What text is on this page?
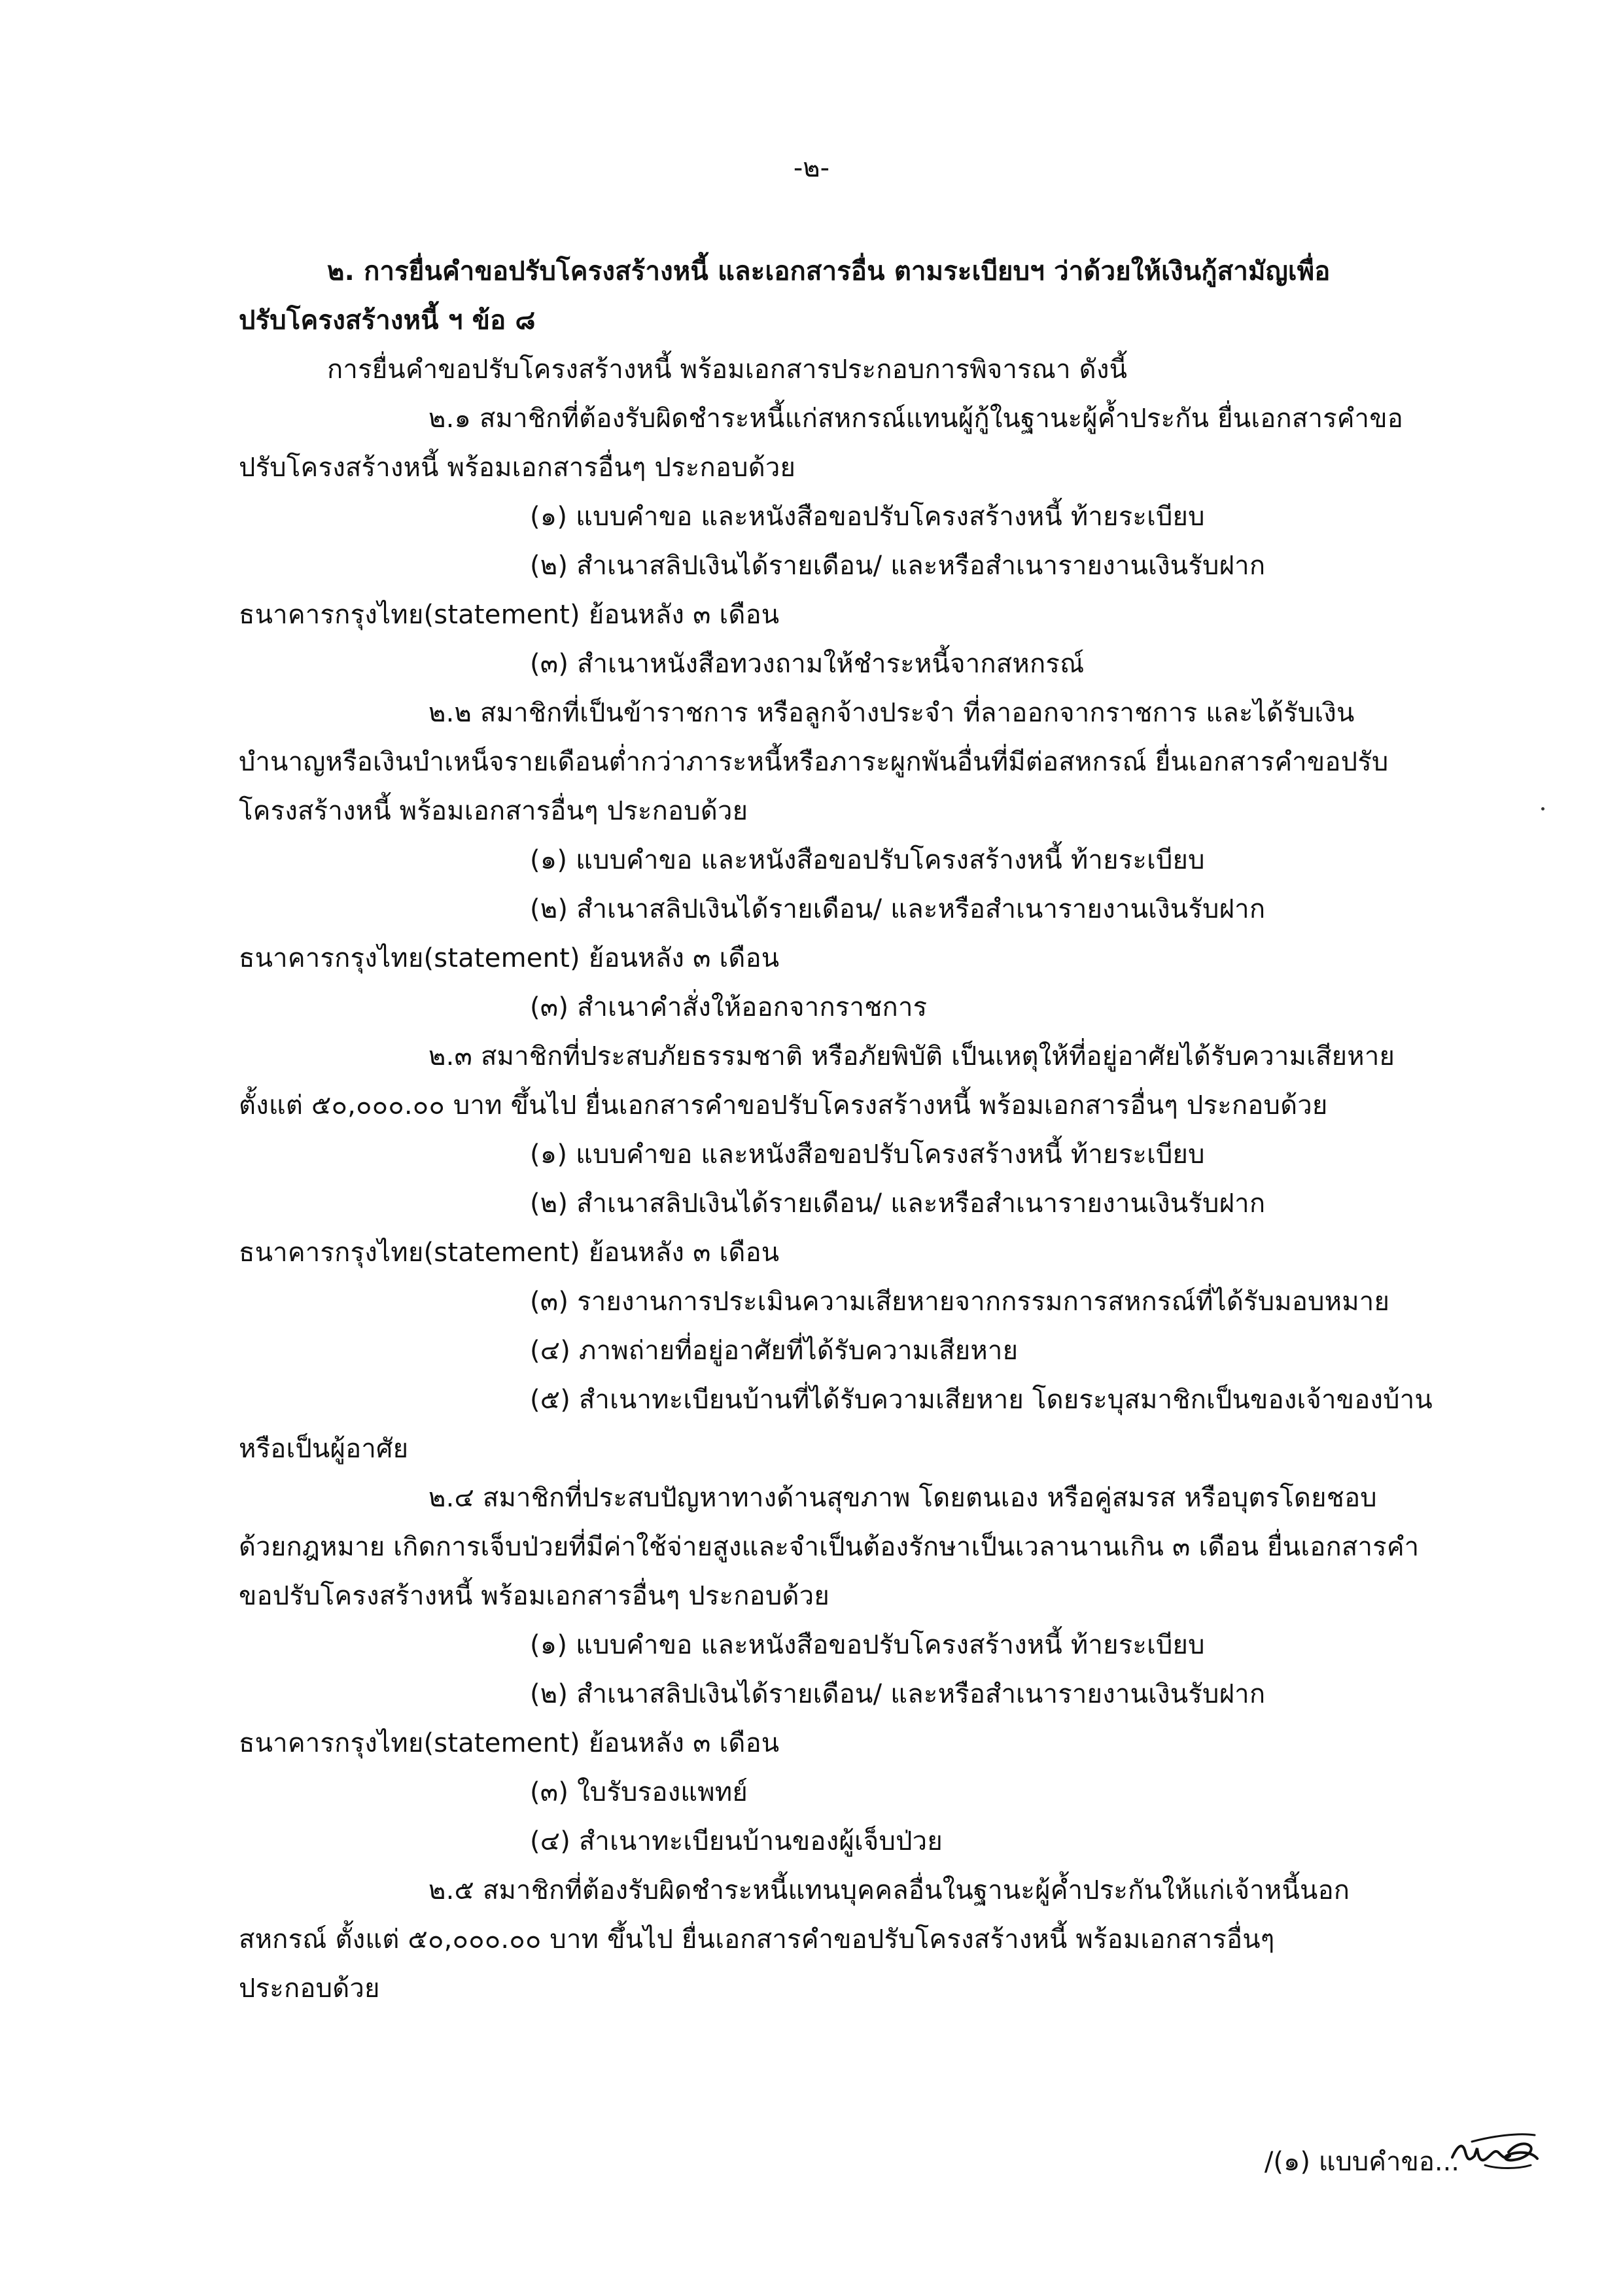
-๒-
๒. การยื่นคำขอปรับโครงสร้างหนี้ และเอกสารอื่น ตามระเบียบฯ ว่าด้วยให้เงินกู้สามัญเพื่อ
ปรับโครงสร้างหนี้ ฯ ข้อ ๘
การยื่นคำขอปรับโครงสร้างหนี้ พร้อมเอกสารประกอบการพิจารณา ดังนี้
๒.๑ สมาชิกที่ต้องรับผิดชำระหนี้แก่สหกรณ์แทนผู้กู้ในฐานะผู้ค้ำประกัน ยื่นเอกสารคำขอ
ปรับโครงสร้างหนี้ พร้อมเอกสารอื่นๆ ประกอบด้วย
(๑) แบบคำขอ และหนังสือขอปรับโครงสร้างหนี้ ท้ายระเบียบ
(๒) สำเนาสลิปเงินได้รายเดือน/ และหรือสำเนารายงานเงินรับฝาก
ธนาคารกรุงไทย(statement) ย้อนหลัง ๓ เดือน
(๓) สำเนาหนังสือทวงถามให้ชำระหนี้จากสหกรณ์
๒.๒ สมาชิกที่เป็นข้าราชการ หรือลูกจ้างประจำ ที่ลาออกจากราชการ และได้รับเงิน
บำนาญหรือเงินบำเหน็จรายเดือนต่ำกว่าภาระหนี้หรือภาระผูกพันอื่นที่มีต่อสหกรณ์ ยื่นเอกสารคำขอปรับ
โครงสร้างหนี้ พร้อมเอกสารอื่นๆ ประกอบด้วย
(๑) แบบคำขอ และหนังสือขอปรับโครงสร้างหนี้ ท้ายระเบียบ
(๒) สำเนาสลิปเงินได้รายเดือน/ และหรือสำเนารายงานเงินรับฝาก
ธนาคารกรุงไทย(statement) ย้อนหลัง ๓ เดือน
(๓) สำเนาคำสั่งให้ออกจากราชการ
๒.๓ สมาชิกที่ประสบภัยธรรมชาติ หรือภัยพิบัติ เป็นเหตุให้ที่อยู่อาศัยได้รับความเสียหาย
ตั้งแต่ ๕๐,๐๐๐.๐๐ บาท ขึ้นไป ยื่นเอกสารคำขอปรับโครงสร้างหนี้ พร้อมเอกสารอื่นๆ ประกอบด้วย
(๑) แบบคำขอ และหนังสือขอปรับโครงสร้างหนี้ ท้ายระเบียบ
(๒) สำเนาสลิปเงินได้รายเดือน/ และหรือสำเนารายงานเงินรับฝาก
ธนาคารกรุงไทย(statement) ย้อนหลัง ๓ เดือน
(๓) รายงานการประเมินความเสียหายจากกรรมการสหกรณ์ที่ได้รับมอบหมาย
(๔) ภาพถ่ายที่อยู่อาศัยที่ได้รับความเสียหาย
(๕) สำเนาทะเบียนบ้านที่ได้รับความเสียหาย โดยระบุสมาชิกเป็นของเจ้าของบ้าน
หรือเป็นผู้อาศัย
๒.๔ สมาชิกที่ประสบปัญหาทางด้านสุขภาพ โดยตนเอง หรือคู่สมรส หรือบุตรโดยชอบ
ด้วยกฎหมาย เกิดการเจ็บป่วยที่มีค่าใช้จ่ายสูงและจำเป็นต้องรักษาเป็นเวลานานเกิน ๓ เดือน ยื่นเอกสารคำ
ขอปรับโครงสร้างหนี้ พร้อมเอกสารอื่นๆ ประกอบด้วย
(๑) แบบคำขอ และหนังสือขอปรับโครงสร้างหนี้ ท้ายระเบียบ
(๒) สำเนาสลิปเงินได้รายเดือน/ และหรือสำเนารายงานเงินรับฝาก
ธนาคารกรุงไทย(statement) ย้อนหลัง ๓ เดือน
(๓) ใบรับรองแพทย์
(๔) สำเนาทะเบียนบ้านของผู้เจ็บป่วย
๒.๕ สมาชิกที่ต้องรับผิดชำระหนี้แทนบุคคลอื่นในฐานะผู้ค้ำประกันให้แก่เจ้าหนี้นอก
สหกรณ์ ตั้งแต่ ๕๐,๐๐๐.๐๐ บาท ขึ้นไป ยื่นเอกสารคำขอปรับโครงสร้างหนี้ พร้อมเอกสารอื่นๆ
ประกอบด้วย
/(๑) แบบคำขอ...
